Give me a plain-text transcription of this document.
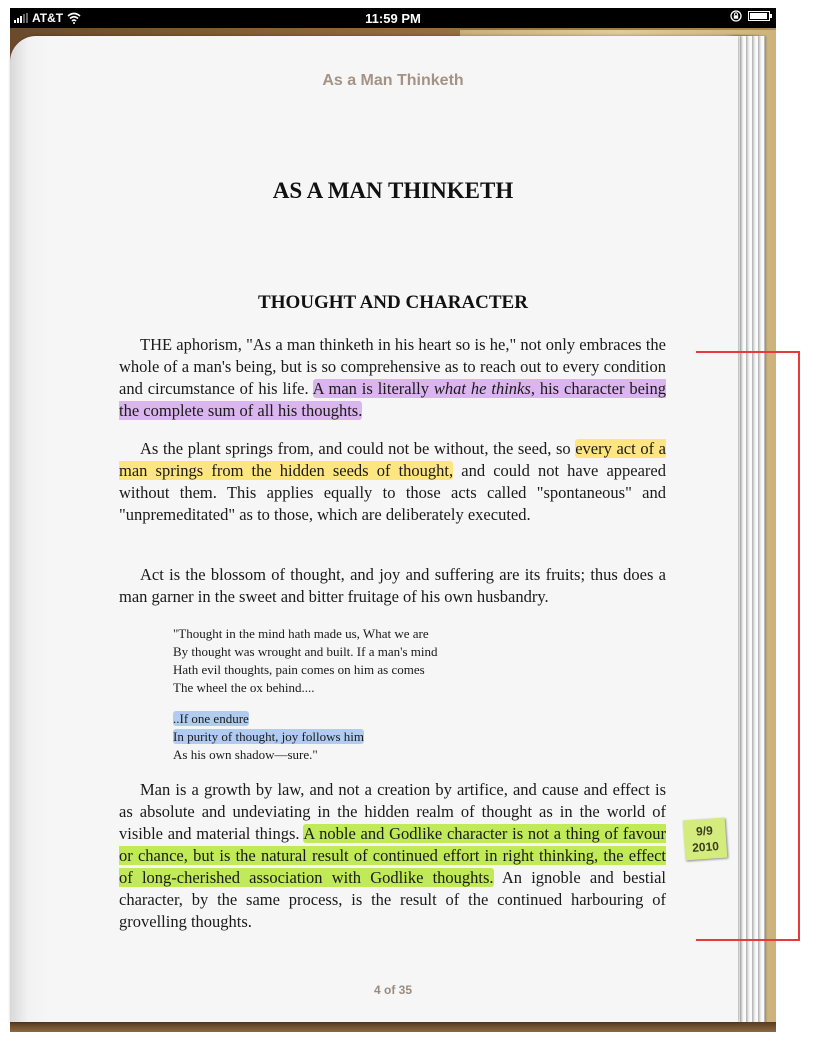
AT&T	11:59 PM
As a Man Thinketh
AS A MAN THINKETH
THOUGHT AND CHARACTER

THE aphorism, "As a man thinketh in his heart so is he," not only embraces the whole of a man's being, but is so comprehensive as to reach out to every condition and circumstance of his life. A man is literally what he thinks, his character being the complete sum of all his thoughts.

As the plant springs from, and could not be without, the seed, so every act of a man springs from the hidden seeds of thought, and could not have appeared without them. This applies equally to those acts called "spontaneous" and "unpremeditated" as to those, which are deliberately executed.

Act is the blossom of thought, and joy and suffering are its fruits; thus does a man garner in the sweet and bitter fruitage of his own husbandry.

"Thought in the mind hath made us, What we are
By thought was wrought and built. If a man's mind
Hath evil thoughts, pain comes on him as comes
The wheel the ox behind....
..If one endure
In purity of thought, joy follows him
As his own shadow—sure."

Man is a growth by law, and not a creation by artifice, and cause and effect is as absolute and undeviating in the hidden realm of thought as in the world of visible and material things. A noble and Godlike character is not a thing of favour or chance, but is the natural result of continued effort in right thinking, the effect of long-cherished association with Godlike thoughts. An ignoble and bestial character, by the same process, is the result of the continued harbouring of grovelling thoughts.

4 of 35
9/9
2010
